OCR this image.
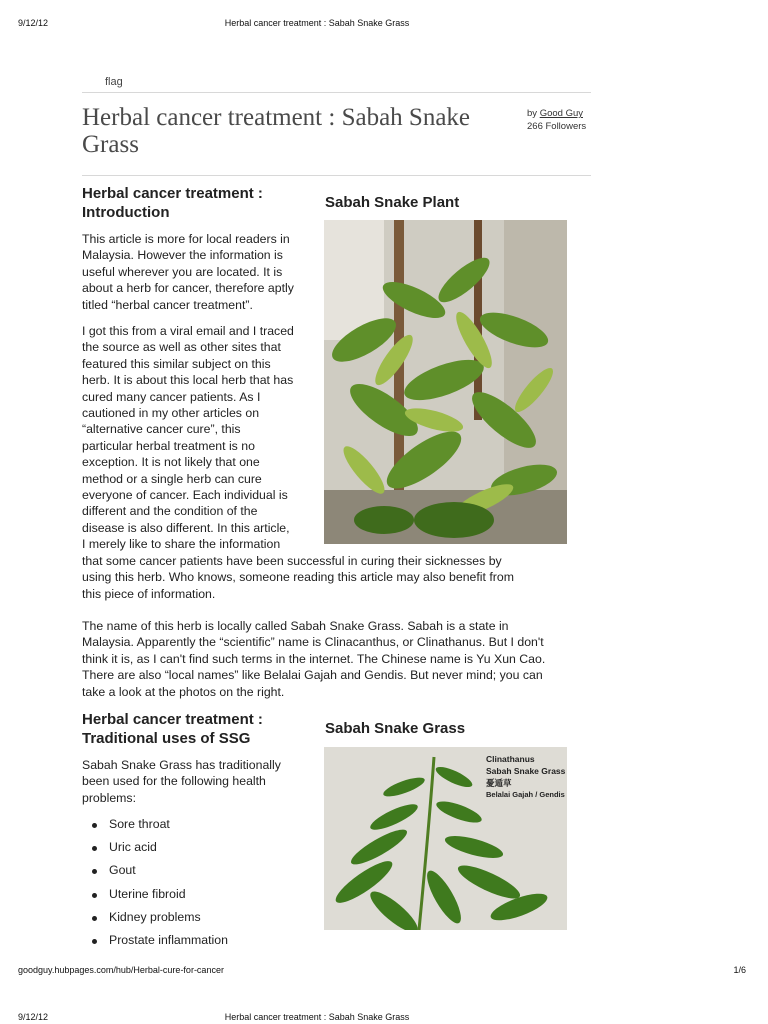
9/12/12	Herbal cancer treatment : Sabah Snake Grass
flag
Herbal cancer treatment : Sabah Snake Grass
by Good Guy
266 Followers
Herbal cancer treatment : Introduction

This article is more for local readers in Malaysia. However the information is useful wherever you are located. It is about a herb for cancer, therefore aptly titled “herbal cancer treatment”.

I got this from a viral email and I traced
the source as well as other sites that
featured this similar subject on this
herb. It is about this local herb that has
cured many cancer patients. As I
cautioned in my other articles on
“alternative cancer cure”, this
particular herbal treatment is no
exception. It is not likely that one
method or a single herb can cure
everyone of cancer. Each individual is
different and the condition of the
disease is also different. In this article,
I merely like to share the information
that some cancer patients have been successful in curing their sicknesses by
using this herb. Who knows, someone reading this article may also benefit from
this piece of information.

The name of this herb is locally called Sabah Snake Grass. Sabah is a state in Malaysia. Apparently the “scientific” name is Clinacanthus, or Clinathanus. But I don't think it is, as I can't find such terms in the internet. The Chinese name is Yu Xun Cao. There are also “local names” like Belalai Gajah and Gendis. But never mind; you can take a look at the photos on the right.

Sabah Snake Plant
Herbal cancer treatment : Traditional uses of SSG

Sabah Snake Grass has traditionally been used for the following health problems:

Sore throat
Uric acid
Gout
Uterine fibroid
Kidney problems
Prostate inflammation
Sabah Snake Grass
Clinathanus
Sabah Snake Grass
憂遁草
Belalai Gajah / Gendis
goodguy.hubpages.com/hub/Herbal-cure-for-cancer	1/6
9/12/12	Herbal cancer treatment : Sabah Snake Grass
